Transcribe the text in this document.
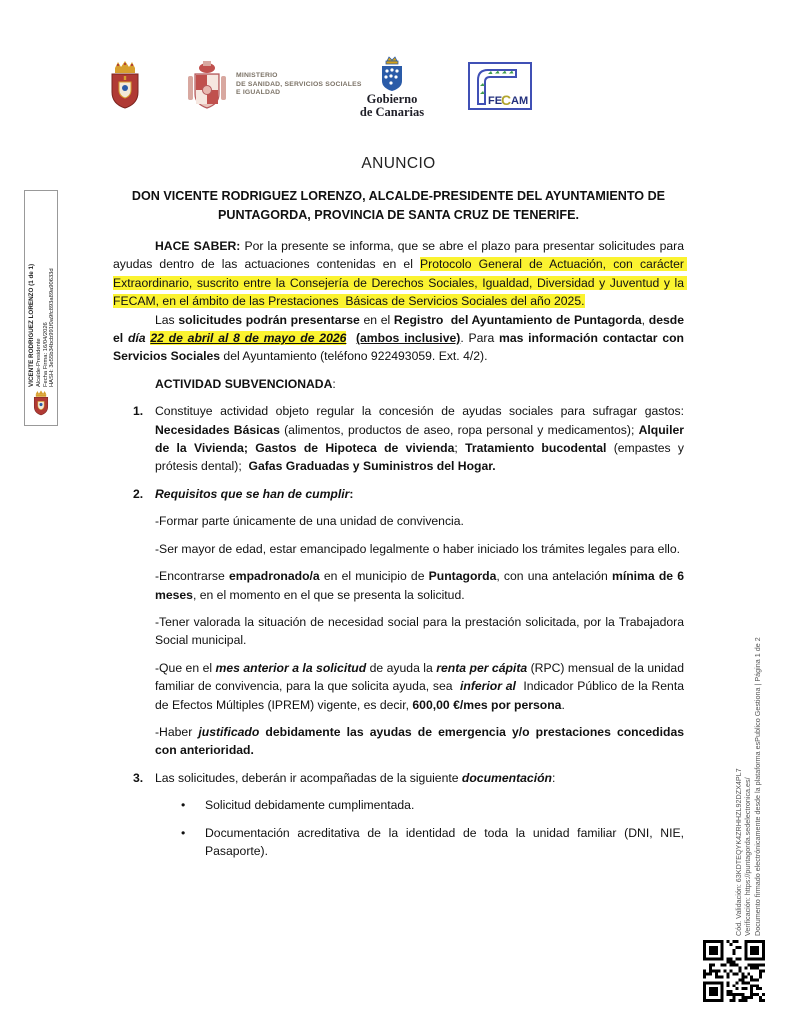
MINISTERIO
DE SANIDAD, SERVICIOS SOCIALES
E IGUALDAD	Gobierno
de Canarias
FE
C AM
ANUNCIO
DON VICENTE RODRIGUEZ LORENZO, ALCALDE-PRESIDENTE DEL AYUNTAMIENTO DE PUNTAGORDA, PROVINCIA DE SANTA CRUZ DE TENERIFE.
HACE SABER: Por la presente se informa, que se abre el plazo para presentar solicitudes para ayudas dentro de las actuaciones contenidas en el Protocolo General de Actuación, con carácter Extraordinario, suscrito entre la Consejería de Derechos Sociales, Igualdad, Diversidad y Juventud y la FECAM, en el ámbito de las Prestaciones  Básicas de Servicios Sociales del año 2025.
Las solicitudes podrán presentarse en el Registro  del Ayuntamiento de Puntagorda, desde el día 22 de abril al 8 de mayo de 2026 (ambos inclusive). Para mas información contactar con Servicios Sociales del Ayuntamiento (teléfono 922493059. Ext. 4/2).
ACTIVIDAD SUBVENCIONADA:
1. Constituye actividad objeto regular la concesión de ayudas sociales para sufragar gastos: Necesidades Básicas (alimentos, productos de aseo, ropa personal y medicamentos); Alquiler de la Vivienda; Gastos de Hipoteca de vivienda; Tratamiento bucodental (empastes y prótesis dental);  Gafas Graduadas y Suministros del Hogar.
2. Requisitos que se han de cumplir:
-Formar parte únicamente de una unidad de convivencia.
-Ser mayor de edad, estar emancipado legalmente o haber iniciado los trámites legales para ello.
-Encontrarse empadronado/a en el municipio de Puntagorda, con una antelación mínima de 6 meses, en el momento en el que se presenta la solicitud.
-Tener valorada la situación de necesidad social para la prestación solicitada, por la Trabajadora Social municipal.
-Que en el mes anterior a la solicitud de ayuda la renta per cápita (RPC) mensual de la unidad familiar de convivencia, para la que solicita ayuda, sea  inferior al  Indicador Público de la Renta de Efectos Múltiples (IPREM) vigente, es decir, 600,00 €/mes por persona.
-Haber justificado debidamente las ayudas de emergencia y/o prestaciones concedidas con anterioridad.
3. Las solicitudes, deberán ir acompañadas de la siguiente documentación:
•	Solicitud debidamente cumplimentada.
•	Documentación acreditativa de la identidad de toda la unidad familiar (DNI, NIE, Pasaporte).
VICENTE RODRIGUEZ LORENZO (1 de 1) Alcalde-Presidente Fecha Firma: 16/04/2026 HASH: 3e55b34bcb991f0a9fc893a89a90633d
Cód. Validación: 63KDTEQYK4ZRHHZL92DZX4PL7 Verificación: https://puntagorda.sedelectronica.es/ Documento firmado electrónicamente desde la plataforma esPublico Gestiona | Página 1 de 2
